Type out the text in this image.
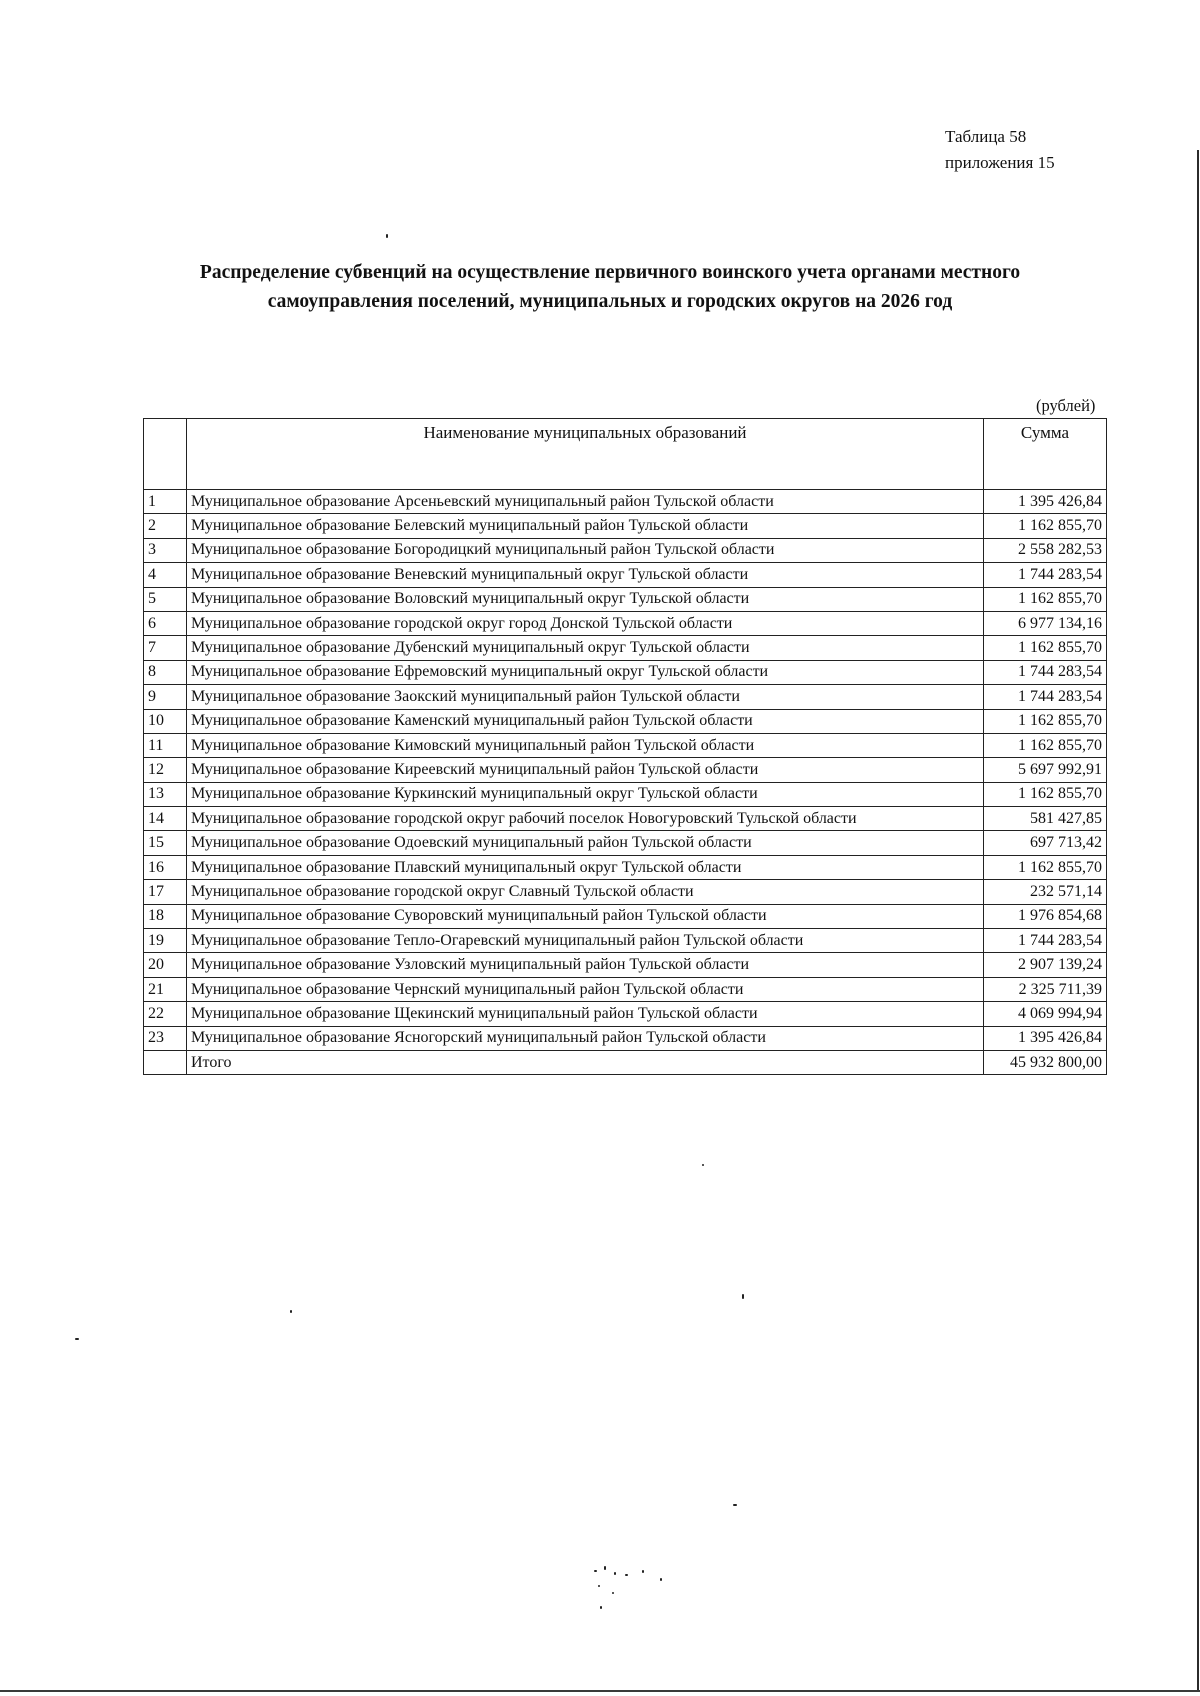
Таблица 58
приложения 15
Распределение субвенций на осуществление первичного воинского учета органами местного
самоуправления поселений, муниципальных и городских округов на 2026 год
(рублей)
	Наименование муниципальных образований	Сумма
1	Муниципальное образование Арсеньевский муниципальный район Тульской области	1 395 426,84
2	Муниципальное образование Белевский муниципальный район Тульской области	1 162 855,70
3	Муниципальное образование Богородицкий муниципальный район Тульской области	2 558 282,53
4	Муниципальное образование Веневский муниципальный округ Тульской области	1 744 283,54
5	Муниципальное образование Воловский муниципальный округ Тульской области	1 162 855,70
6	Муниципальное образование городской округ город Донской Тульской области	6 977 134,16
7	Муниципальное образование Дубенский муниципальный округ Тульской области	1 162 855,70
8	Муниципальное образование Ефремовский муниципальный округ Тульской области	1 744 283,54
9	Муниципальное образование Заокский муниципальный район Тульской области	1 744 283,54
10	Муниципальное образование Каменский муниципальный район Тульской области	1 162 855,70
11	Муниципальное образование Кимовский муниципальный район Тульской области	1 162 855,70
12	Муниципальное образование Киреевский муниципальный район Тульской области	5 697 992,91
13	Муниципальное образование Куркинский муниципальный округ Тульской области	1 162 855,70
14	Муниципальное образование городской округ рабочий поселок Новогуровский Тульской области	581 427,85
15	Муниципальное образование Одоевский муниципальный район Тульской области	697 713,42
16	Муниципальное образование Плавский муниципальный округ Тульской области	1 162 855,70
17	Муниципальное образование городской округ Славный Тульской области	232 571,14
18	Муниципальное образование Суворовский муниципальный район Тульской области	1 976 854,68
19	Муниципальное образование Тепло-Огаревский муниципальный район Тульской области	1 744 283,54
20	Муниципальное образование Узловский муниципальный район Тульской области	2 907 139,24
21	Муниципальное образование Чернский муниципальный район Тульской области	2 325 711,39
22	Муниципальное образование Щекинский муниципальный район Тульской области	4 069 994,94
23	Муниципальное образование Ясногорский муниципальный район Тульской области	1 395 426,84
	Итого	45 932 800,00
